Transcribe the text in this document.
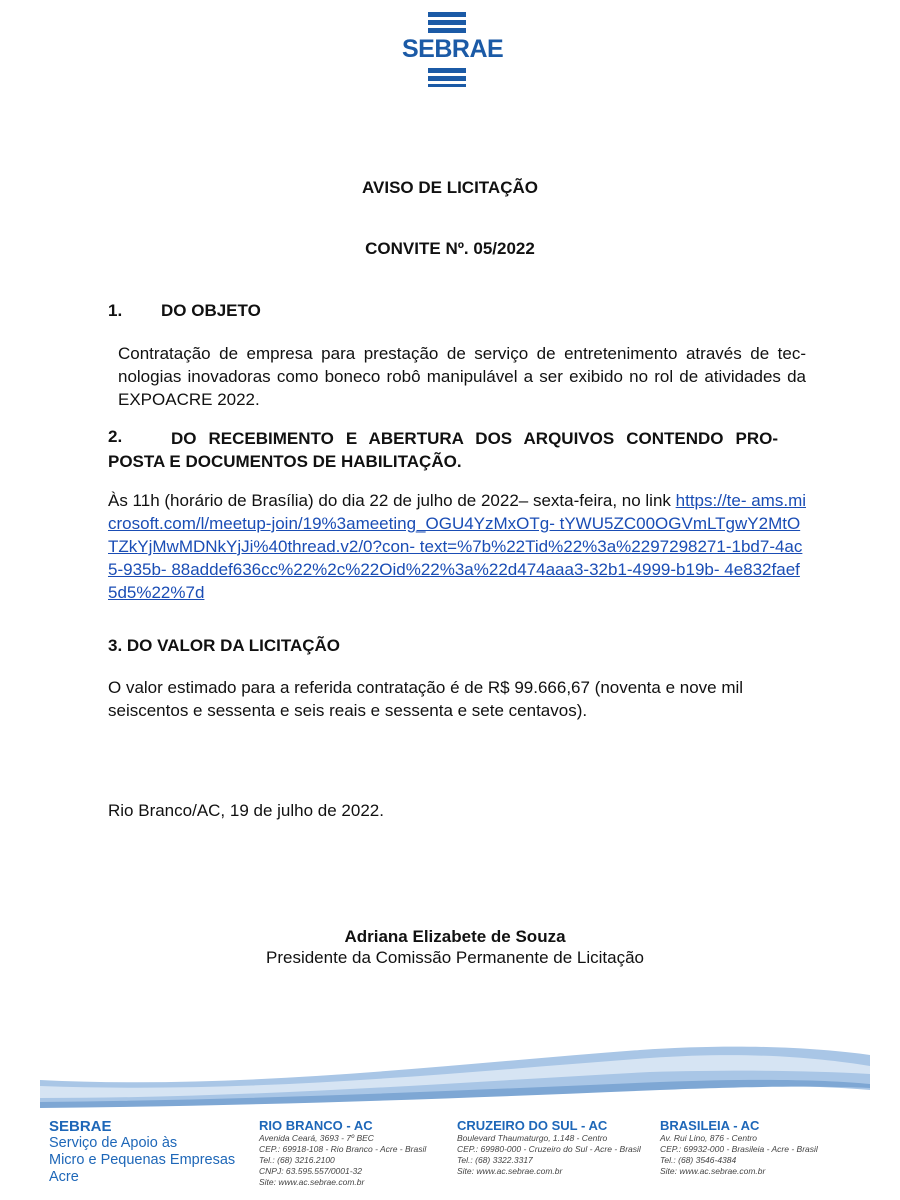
SEBRAE
AVISO DE LICITAÇÃO
CONVITE Nº. 05/2022
1. DO OBJETO
Contratação de empresa para prestação de serviço de entretenimento através de tec- nologias inovadoras como boneco robô manipulável a ser exibido no rol de atividades da EXPOACRE 2022.
2.	DO RECEBIMENTO E ABERTURA DOS ARQUIVOS CONTENDO PRO- POSTA E DOCUMENTOS DE HABILITAÇÃO.
Às 11h (horário de Brasília) do dia 22 de julho de 2022– sexta-feira, no link https://te- ams.microsoft.com/l/meetup-join/19%3ameeting_OGU4YzMxOTg- tYWU5ZC00OGVmLTgwY2MtOTZkYjMwMDNkYjJi%40thread.v2/0?con- text=%7b%22Tid%22%3a%2297298271-1bd7-4ac5-935b- 88addef636cc%22%2c%22Oid%22%3a%22d474aaa3-32b1-4999-b19b- 4e832faef5d5%22%7d
3. DO VALOR DA LICITAÇÃO
O valor estimado para a referida contratação é de R$ 99.666,67 (noventa e nove mil seiscentos e sessenta e seis reais e sessenta e sete centavos).
Rio Branco/AC, 19 de julho de 2022.
Adriana Elizabete de Souza
Presidente da Comissão Permanente de Licitação
SEBRAE
Serviço de Apoio às
Micro e Pequenas Empresas
Acre
RIO BRANCO - AC
Avenida Ceará, 3693 - 7º BEC
CEP.: 69918-108 - Rio Branco - Acre - Brasil
Tel.: (68) 3216.2100
CNPJ: 63.595.557/0001-32
Site: www.ac.sebrae.com.br
CRUZEIRO DO SUL - AC
Boulevard Thaumaturgo, 1.148 - Centro
CEP.: 69980-000 - Cruzeiro do Sul - Acre - Brasil
Tel.: (68) 3322.3317
Site: www.ac.sebrae.com.br
BRASILEIA - AC
Av. Rui Lino, 876 - Centro
CEP.: 69932-000 - Brasileia - Acre - Brasil
Tel.: (68) 3546-4384
Site: www.ac.sebrae.com.br
